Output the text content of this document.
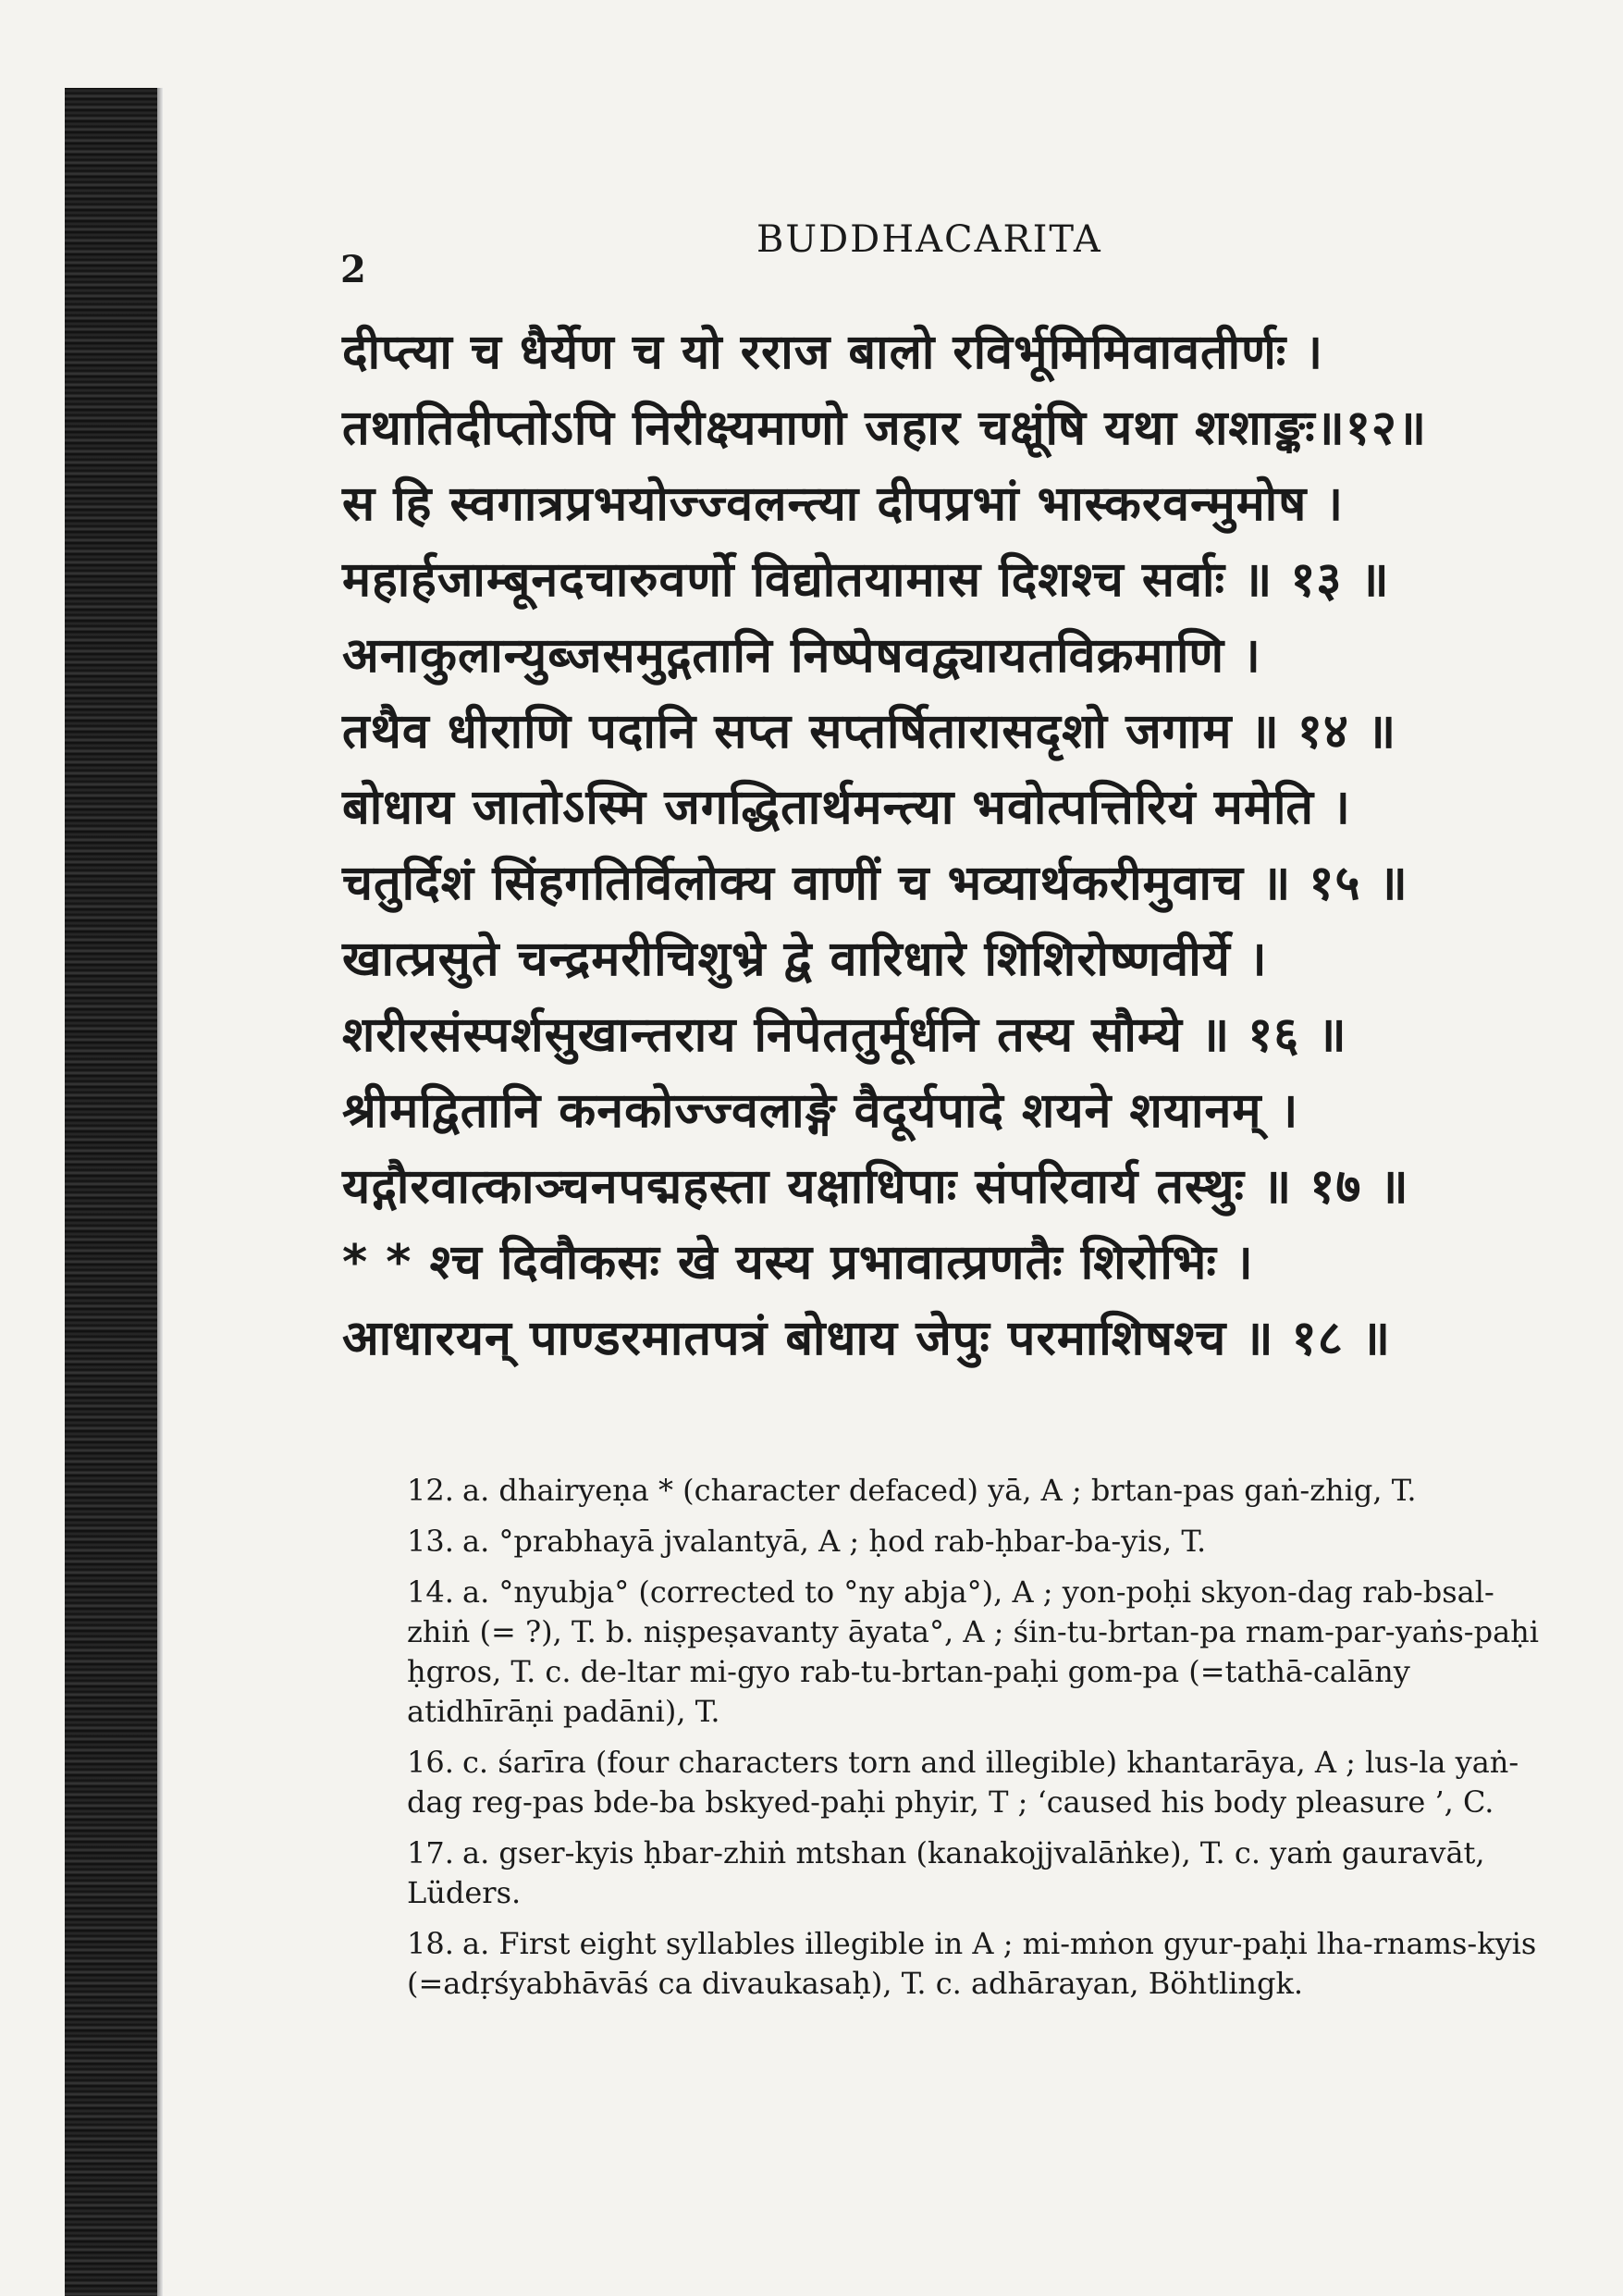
2
BUDDHACARITA
दीप्त्या च धैर्येण च यो रराज बालो रविर्भूमिमिवावतीर्णः ।
तथातिदीप्तोऽपि निरीक्ष्यमाणो जहार चक्षूंषि यथा शशाङ्कः॥१२॥
स हि स्वगात्रप्रभयोज्ज्वलन्त्या दीपप्रभां भास्करवन्मुमोष ।
महार्हजाम्बूनदचारुवर्णो विद्योतयामास दिशश्च सर्वाः ॥ १३ ॥
अनाकुलान्युब्जसमुद्गतानि निष्पेषवद्व्यायतविक्रमाणि ।
तथैव धीराणि पदानि सप्त सप्तर्षितारासदृशो जगाम ॥ १४ ॥
बोधाय जातोऽस्मि जगद्धितार्थमन्त्या भवोत्पत्तिरियं ममेति ।
चतुर्दिशं सिंहगतिर्विलोक्य वाणीं च भव्यार्थकरीमुवाच ॥ १५ ॥
खात्प्रसुते चन्द्रमरीचिशुभ्रे द्वे वारिधारे शिशिरोष्णवीर्ये ।
शरीरसंस्पर्शसुखान्तराय निपेततुर्मूर्धनि तस्य सौम्ये ॥ १६ ॥
श्रीमद्वितानि कनकोज्ज्वलाङ्गे वैदूर्यपादे शयने शयानम् ।
यद्गौरवात्काञ्चनपद्महस्ता यक्षाधिपाः संपरिवार्य तस्थुः ॥ १७ ॥
* * श्च दिवौकसः खे यस्य प्रभावात्प्रणतैः शिरोभिः ।
आधारयन् पाण्डरमातपत्रं बोधाय जेपुः परमाशिषश्च ॥ १८ ॥

12. a. dhairyeṇa * (character defaced) yā, A ; brtan-pas gaṅ-zhig, T.

13. a. °prabhayā jvalantyā, A ; ḥod rab-ḥbar-ba-yis, T.

14. a. °nyubja° (corrected to °ny abja°), A ; yon-poḥi skyon-dag rab-bsal-zhiṅ (= ?), T. b. niṣpeṣavanty āyata°, A ; śin-tu-brtan-pa rnam-par-yaṅs-paḥi ḥgros, T. c. de-ltar mi-gyo rab-tu-brtan-paḥi gom-pa (=tathā-calāny atidhīrāṇi padāni), T.

16. c. śarīra (four characters torn and illegible) khantarāya, A ; lus-la yaṅ-dag reg-pas bde-ba bskyed-paḥi phyir, T ; ‘caused his body pleasure ’, C.

17. a. gser-kyis ḥbar-zhiṅ mtshan (kanakojjvalāṅke), T. c. yaṁ gauravāt, Lüders.

18. a. First eight syllables illegible in A ; mi-mṅon gyur-paḥi lha-rnams-kyis (=adṛśyabhāvāś ca divaukasaḥ), T. c. adhārayan, Böhtlingk.
